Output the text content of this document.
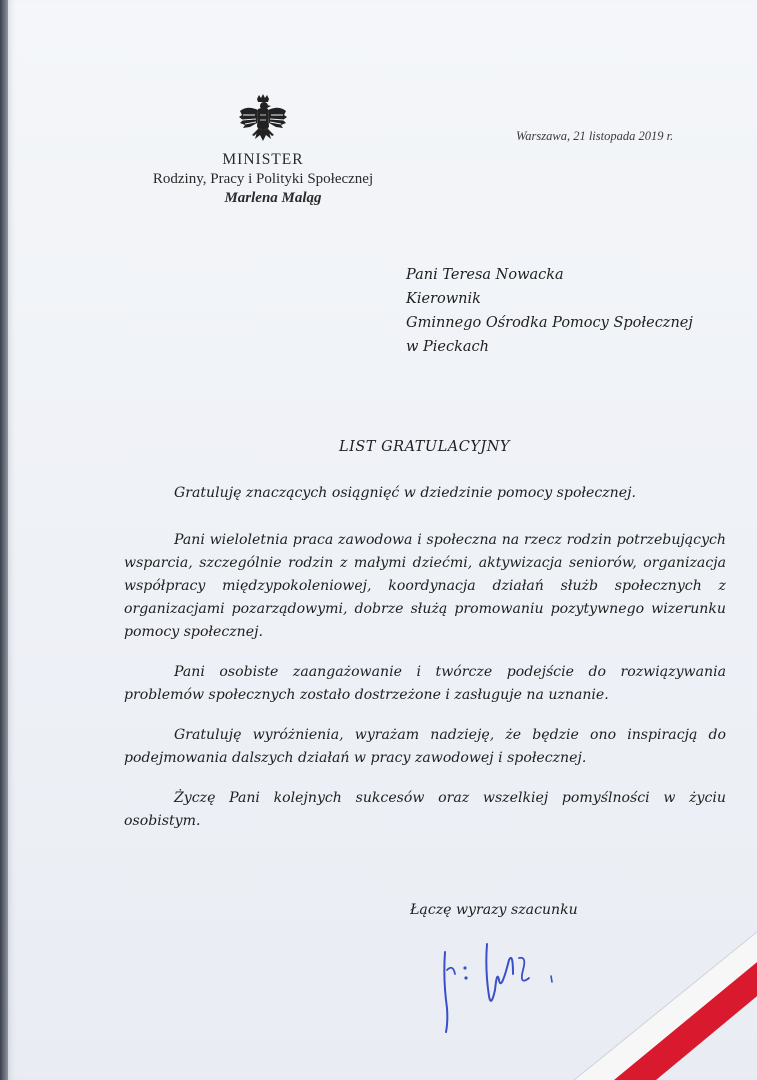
MINISTER
Rodziny, Pracy i Polityki Społecznej
Marlena Maląg
Warszawa, 21 listopada 2019 r.
Pani Teresa Nowacka
Kierownik
Gminnego Ośrodka Pomocy Społecznej
w Pieckach
LIST GRATULACYJNY

Gratuluję znaczących osiągnięć w dziedzinie pomocy społecznej.

Pani wieloletnia praca zawodowa i społeczna na rzecz rodzin potrzebujących wsparcia, szczególnie rodzin z małymi dziećmi, aktywizacja seniorów, organizacja współpracy międzypokoleniowej, koordynacja działań służb społecznych z organizacjami pozarządowymi, dobrze służą promowaniu pozytywnego wizerunku pomocy społecznej.

Pani osobiste zaangażowanie i twórcze podejście do rozwiązywania problemów społecznych zostało dostrzeżone i zasługuje na uznanie.

Gratuluję wyróżnienia, wyrażam nadzieję, że będzie ono inspiracją do podejmowania dalszych działań w pracy zawodowej i społecznej.

Życzę Pani kolejnych sukcesów oraz wszelkiej pomyślności w życiu osobistym.

Łączę wyrazy szacunku
